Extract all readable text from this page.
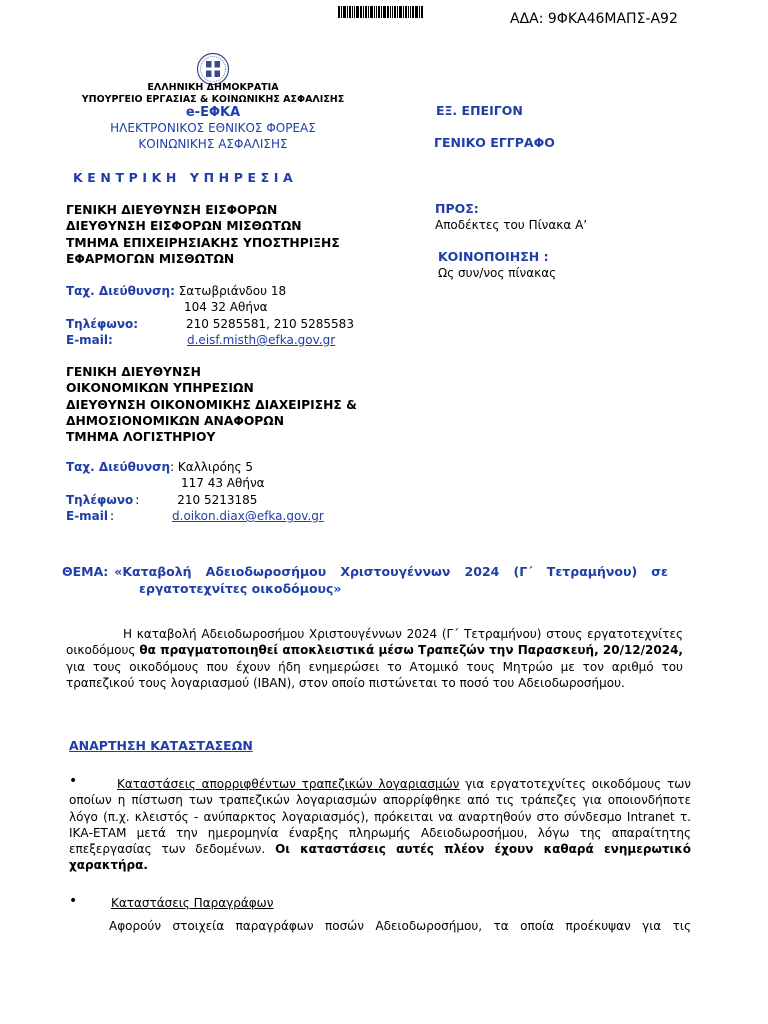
ΑΔΑ: 9ΦΚΑ46ΜΑΠΣ-Α92
ΕΛΛΗΝΙΚΗ ΔΗΜΟΚΡΑΤΙΑ
ΥΠΟΥΡΓΕΙΟ ΕΡΓΑΣΙΑΣ & ΚΟΙΝΩΝΙΚΗΣ ΑΣΦΑΛΙΣΗΣ
e-ΕΦΚΑ
ΗΛΕΚΤΡΟΝΙΚΟΣ ΕΘΝΙΚΟΣ ΦΟΡΕΑΣ
ΚΟΙΝΩΝΙΚΗΣ ΑΣΦΑΛΙΣΗΣ
ΚΕΝΤΡΙΚΗ ΥΠΗΡΕΣΙΑ
ΕΞ. ΕΠΕΙΓΟΝ
ΓΕΝΙΚΟ ΕΓΓΡΑΦΟ
ΠΡΟΣ:
Αποδέκτες του Πίνακα Α’
ΚΟΙΝΟΠΟΙΗΣΗ :
Ως συν/νος πίνακας
ΓΕΝΙΚΗ ΔΙΕΥΘΥΝΣΗ ΕΙΣΦΟΡΩΝ
ΔΙΕΥΘΥΝΣΗ ΕΙΣΦΟΡΩΝ ΜΙΣΘΩΤΩΝ
ΤΜΗΜΑ ΕΠΙΧΕΙΡΗΣΙΑΚΗΣ ΥΠΟΣΤΗΡΙΞΗΣ
ΕΦΑΡΜΟΓΩΝ ΜΙΣΘΩΤΩΝ
Ταχ. Διεύθυνση: Σατωβριάνδου 18
104 32 Αθήνα
Τηλέφωνο:	210 5285581, 210 5285583
E-mail:	d.eisf.misth@efka.gov.gr
ΓΕΝΙΚΗ ΔΙΕΥΘΥΝΣΗ
ΟΙΚΟΝΟΜΙΚΩΝ ΥΠΗΡΕΣΙΩΝ
ΔΙΕΥΘΥΝΣΗ ΟΙΚΟΝΟΜΙΚΗΣ ΔΙΑΧΕΙΡΙΣΗΣ &
ΔΗΜΟΣΙΟΝΟΜΙΚΩΝ ΑΝΑΦΟΡΩΝ
ΤΜΗΜΑ ΛΟΓΙΣΤΗΡΙΟΥ
Ταχ. Διεύθυνση: Καλλιρόης 5
117 43 Αθήνα
Τηλέφωνο :	210 5213185
E-mail :	d.oikon.diax@efka.gov.gr
ΘΕΜΑ: «Καταβολή Αδειοδωροσήμου Χριστουγέννων 2024 (Γ΄ Τετραμήνου) σε
εργατοτεχνίτες οικοδόμους»
Η καταβολή Αδειοδωροσήμου Χριστουγέννων 2024 (Γ΄ Τετραμήνου) στους εργατοτεχνίτες οικοδόμους θα πραγματοποιηθεί αποκλειστικά μέσω Τραπεζών την Παρασκευή, 20/12/2024, για τους οικοδόμους που έχουν ήδη ενημερώσει το Ατομικό τους Μητρώο με τον αριθμό του τραπεζικού τους λογαριασμού (IBAN), στον οποίο πιστώνεται το ποσό του Αδειοδωροσήμου.
ΑΝΑΡΤΗΣΗ ΚΑΤΑΣΤΑΣΕΩΝ
•	Καταστάσεις απορριφθέντων τραπεζικών λογαριασμών για εργατοτεχνίτες οικοδόμους των οποίων η πίστωση των τραπεζικών λογαριασμών απορρίφθηκε από τις τράπεζες για οποιονδήποτε λόγο (π.χ. κλειστός - ανύπαρκτος λογαριασμός), πρόκειται να αναρτηθούν στο σύνδεσμο Intranet τ. ΙΚΑ-ΕΤΑΜ μετά την ημερομηνία έναρξης πληρωμής Αδειοδωροσήμου, λόγω της απαραίτητης επεξεργασίας των δεδομένων. Οι καταστάσεις αυτές πλέον έχουν καθαρά ενημερωτικό χαρακτήρα.
•	Καταστάσεις Παραγράφων
Αφορούν στοιχεία παραγράφων ποσών Αδειοδωροσήμου, τα οποία προέκυψαν για τις
